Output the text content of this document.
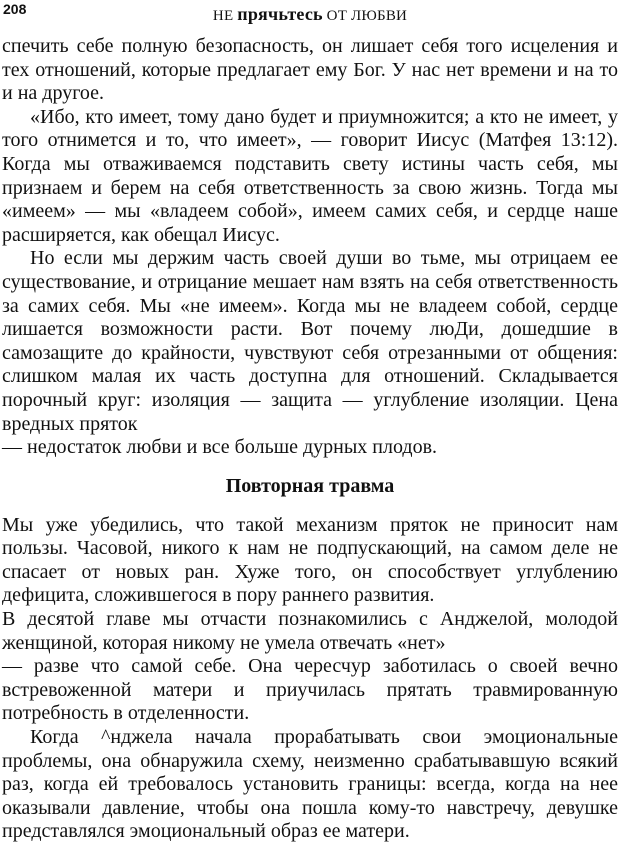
208	НЕ прячьтесь ОТ ЛЮБВИ

спечить себе полную безопасность, он лишает себя того исцеления и тех отношений, которые предлагает ему Бог. У нас нет времени и на то и на другое.

«Ибо, кто имеет, тому дано будет и приумножится; а кто не имеет, у того отнимется и то, что имеет», — говорит Иисус (Матфея 13:12). Когда мы отваживаемся подставить свету истины часть себя, мы признаем и берем на себя ответственность за свою жизнь. Тогда мы «имеем» — мы «владеем собой», имеем самих себя, и сердце наше расширяется, как обещал Иисус.

Но если мы держим часть своей души во тьме, мы отрицаем ее существование, и отрицание мешает нам взять на себя ответственность за самих себя. Мы «не имеем». Когда мы не владеем собой, сердце лишается возможности расти. Вот почему люДи, дошедшие в самозащите до крайности, чувствуют себя отрезанными от общения: слишком малая их часть доступна для отношений. Складывается порочный круг: изоляция — защита — углубление изоляции. Цена вредных пряток

— недостаток любви и все больше дурных плодов.

Повторная травма

Мы уже убедились, что такой механизм пряток не приносит нам пользы. Часовой, никого к нам не подпускающий, на самом деле не спасает от новых ран. Хуже того, он способствует углублению дефицита, сложившегося в пору раннего развития.

В десятой главе мы отчасти познакомились с Анджелой, молодой женщиной, которая никому не умела отвечать «нет»

— разве что самой себе. Она чересчур заботилась о своей вечно встревоженной матери и приучилась прятать травмированную потребность в отделенности.

Когда ^нджела начала прорабатывать свои эмоциональные проблемы, она обнаружила схему, неизменно срабатывавшую всякий раз, когда ей требовалось установить границы: всегда, когда на нее оказывали давление, чтобы она пошла кому-то навстречу, девушке представлялся эмоциональный образ ее матери.
